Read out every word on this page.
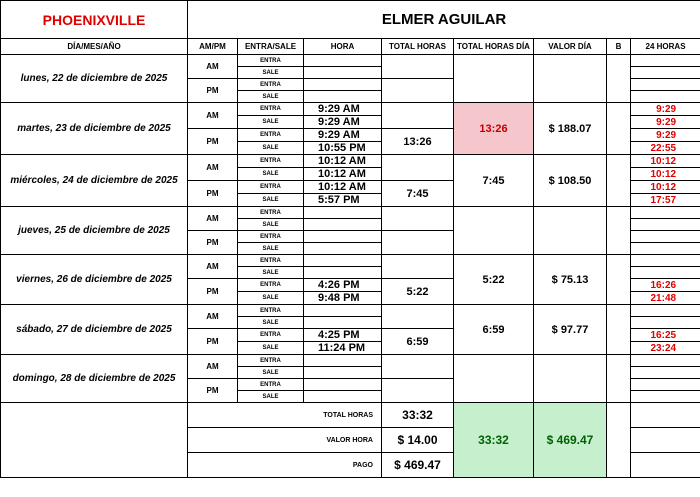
PHOENIXVILLE	ELMER AGUILAR							
DÍA/MES/AÑO	AM/PM	ENTRA/SALE	HORA	TOTAL HORAS	TOTAL HORAS DÍA	VALOR DÍA	B	24 HORAS
lunes, 22 de diciembre de 2025	AM	ENTRA						
		SALE						
	PM	ENTRA						
		SALE						
martes, 23 de diciembre de 2025	AM	ENTRA	9:29 AM		13:26	$ 188.07		9:29
		SALE	9:29 AM					9:29
	PM	ENTRA	9:29 AM	13:26				9:29
		SALE	10:55 PM					22:55
miércoles, 24 de diciembre de 2025	AM	ENTRA	10:12 AM		7:45	$ 108.50		10:12
		SALE	10:12 AM					10:12
	PM	ENTRA	10:12 AM	7:45				10:12
		SALE	5:57 PM					17:57
jueves, 25 de diciembre de 2025	AM	ENTRA						
		SALE						
	PM	ENTRA						
		SALE						
viernes, 26 de diciembre de 2025	AM	ENTRA			5:22	$ 75.13		
		SALE						
	PM	ENTRA	4:26 PM	5:22				16:26
		SALE	9:48 PM					21:48
sábado, 27 de diciembre de 2025	AM	ENTRA			6:59	$ 97.77		
		SALE						
	PM	ENTRA	4:25 PM	6:59				16:25
		SALE	11:24 PM					23:24
domingo, 28 de diciembre de 2025	AM	ENTRA						
		SALE						
	PM	ENTRA						
		SALE						
	TOTAL HORAS			33:32	33:32	$ 469.47		
	VALOR HORA			$ 14.00				
	PAGO			$ 469.47				
